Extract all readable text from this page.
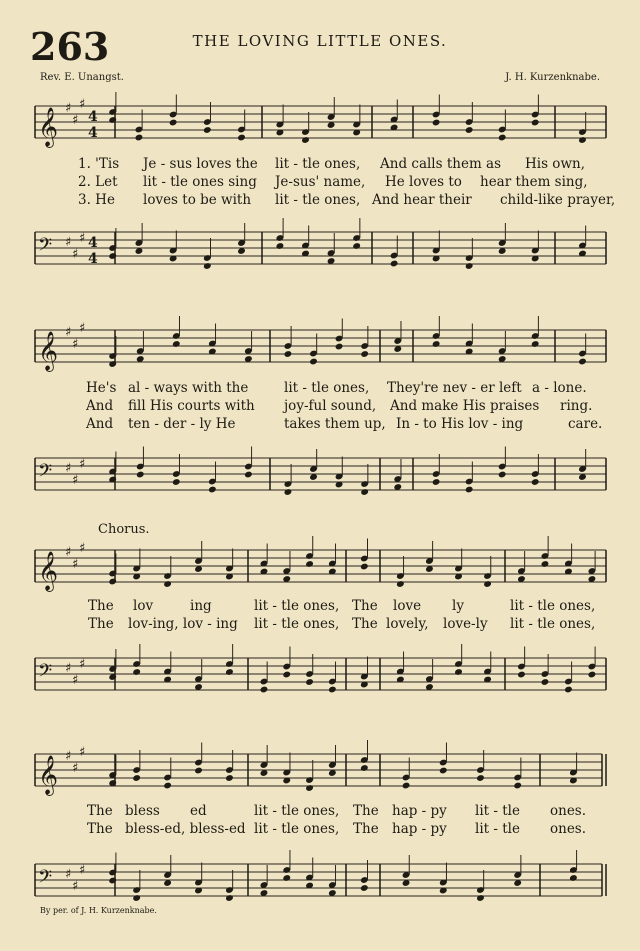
263	THE LOVING LITTLE ONES.
Rev. E. Unangst.	J. H. Kurzenknabe.
𝄞 ♯
♯
♯
4
4
1. 'Tis Je - sus loves the lit - tle ones, And calls them as His own,
2. Let lit - tle ones sing Je-sus' name, He loves to hear them sing,
3. He loves to be with lit - tle ones, And hear their child-like prayer,
𝄢 ♯
♯
♯ 4
4
𝄞 ♯
♯
♯
He's al - ways with the	lit - tle ones, They're nev - er left a - lone.
And fill His courts with joy-ful sound, And make His praises ring.
And ten - der - ly He	takes them up, In - to His lov - ing	care.
𝄢 ♯
♯
♯
Chorus.
𝄞 ♯
♯
♯
The lov	ing	lit - tle ones, The love ly	lit - tle ones,
The lov-ing, lov - ing lit - tle ones, The lovely, love-ly lit - tle ones,
𝄢 ♯
♯
♯
𝄞 ♯
♯
♯
The bless ed	lit - tle ones, The hap - py lit - tle ones.
The bless-ed, bless-ed lit - tle ones, The hap - py lit - tle ones.
𝄢 ♯
♯
♯
By per. of J. H. Kurzenknabe.
